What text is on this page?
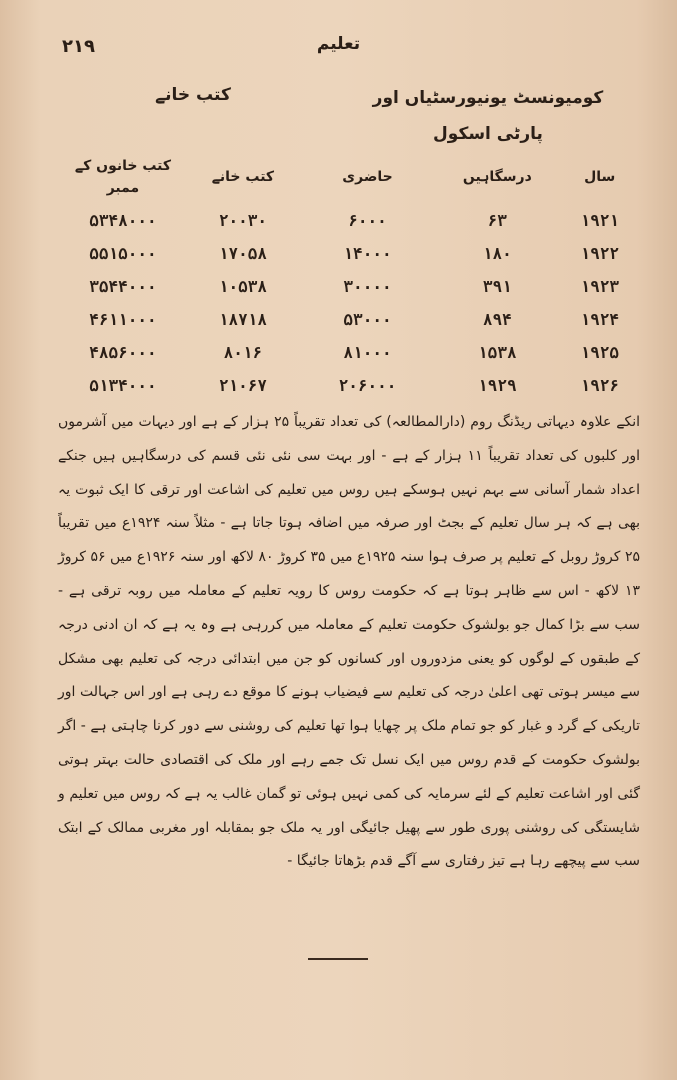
۲۱۹	تعلیم
کتب خانے	کومیونسٹ یونیورسٹیاں اور پارٹی اسکول
کتب خانوں کے ممبر	کتب خانے	حاضری	درسگاہیں	سال
۵۳۴۸۰۰۰	۲۰۰۳۰	۶۰۰۰	۶۳	۱۹۲۱
۵۵۱۵۰۰۰	۱۷۰۵۸	۱۴۰۰۰	۱۸۰	۱۹۲۲
۳۵۴۴۰۰۰	۱۰۵۳۸	۳۰۰۰۰	۳۹۱	۱۹۲۳
۴۶۱۱۰۰۰	۱۸۷۱۸	۵۳۰۰۰	۸۹۴	۱۹۲۴
۴۸۵۶۰۰۰	۸۰۱۶	۸۱۰۰۰	۱۵۳۸	۱۹۲۵
۵۱۳۴۰۰۰	۲۱۰۶۷	۲۰۶۰۰۰	۱۹۲۹	۱۹۲۶

انکے علاوہ دیہاتی ریڈنگ روم (دارالمطالعہ) کی تعداد تقریباً ۲۵ ہزار کے ہے اور دیہات میں آشرموں اور کلبوں کی تعداد تقریباً ۱۱ ہزار کے ہے - اور بہت سی نئی نئی قسم کی درسگاہیں ہیں جنکے اعداد شمار آسانی سے بہم نہیں ہوسکے ہیں روس میں تعلیم کی اشاعت اور ترقی کا ایک ثبوت یہ بھی ہے کہ ہر سال تعلیم کے بجٹ اور صرفہ میں اضافہ ہوتا جاتا ہے - مثلاً سنہ ۱۹۲۴ع میں تقریباً ۲۵ کروڑ روبل کے تعلیم پر صرف ہوا سنہ ۱۹۲۵ع میں ۳۵ کروڑ ۸۰ لاکھ اور سنہ ۱۹۲۶ع میں ۵۶ کروڑ ۱۳ لاکھ - اس سے ظاہر ہوتا ہے کہ حکومت روس کا رویہ تعلیم کے معاملہ میں روبہ ترقی ہے - سب سے بڑا کمال جو بولشوک حکومت تعلیم کے معاملہ میں کررہی ہے وہ یہ ہے کہ ان ادنی درجہ کے طبقوں کے لوگوں کو یعنی مزدوروں اور کسانوں کو جن میں ابتدائی درجہ کی تعلیم بھی مشکل سے میسر ہوتی تھی اعلیٰ درجہ کی تعلیم سے فیضیاب ہونے کا موقع دے رہی ہے اور اس جہالت اور تاریکی کے گرد و غبار کو جو تمام ملک پر چھایا ہوا تھا تعلیم کی روشنی سے دور کرنا چاہتی ہے - اگر بولشوک حکومت کے قدم روس میں ایک نسل تک جمے رہے اور ملک کی اقتصادی حالت بہتر ہوتی گئی اور اشاعت تعلیم کے لئے سرمایہ کی کمی نہیں ہوئی تو گمان غالب یہ ہے کہ روس میں تعلیم و شایستگی کی روشنی پوری طور سے پھیل جائیگی اور یہ ملک جو بمقابلہ اور مغربی ممالک کے ابتک سب سے پیچھے رہا ہے تیز رفتاری سے آگے قدم بڑھاتا جائیگا -
